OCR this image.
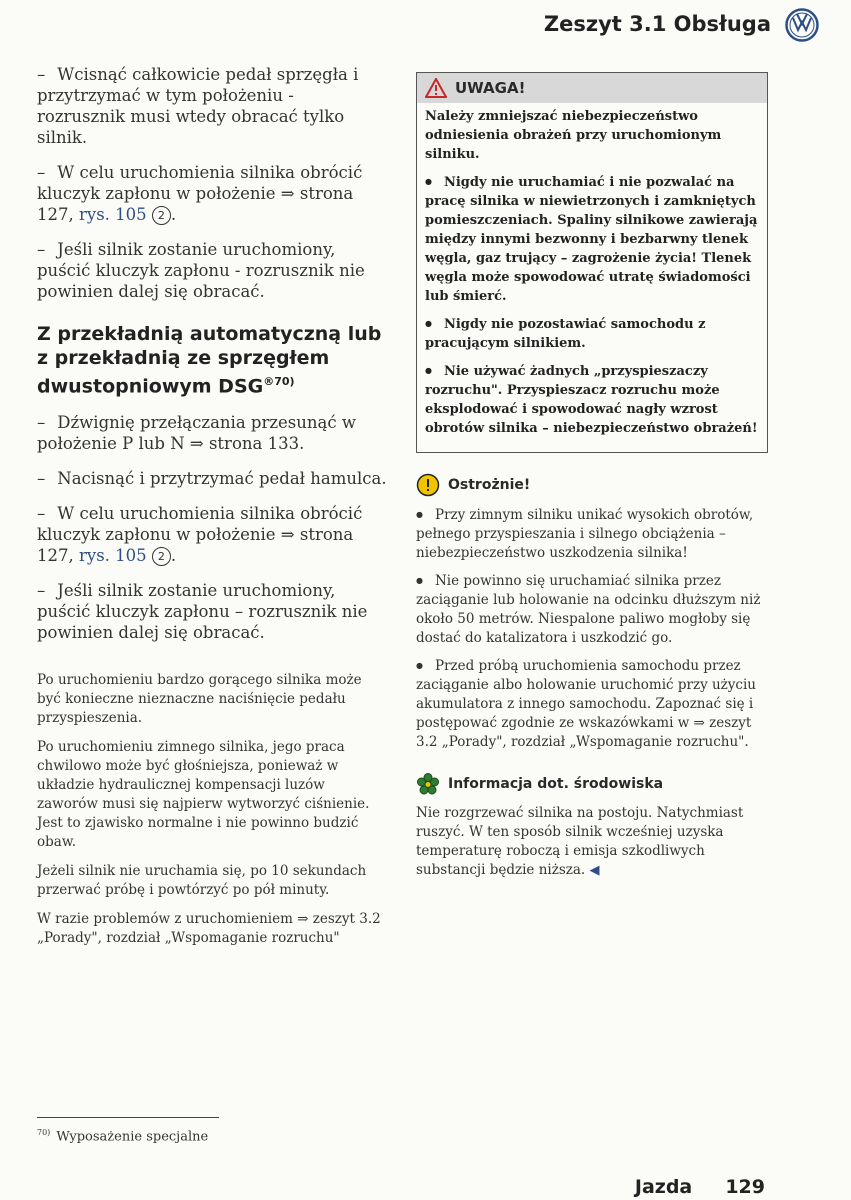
Zeszyt 3.1 Obsługa

– Wcisnąć całkowicie pedał sprzęgła i przytrzymać w tym położeniu - rozrusznik musi wtedy obracać tylko silnik.

– W celu uruchomienia silnika obrócić kluczyk zapłonu w położenie ⇒ strona 127, rys. 105 2 .

– Jeśli silnik zostanie uruchomiony, puścić kluczyk zapłonu - rozrusznik nie powinien dalej się obracać.

Z przekładnią automatyczną lub z przekładnią ze sprzęgłem dwustopniowym $DSG^{®70)}$

– Dźwignię przełączania przesunąć w położenie P lub N ⇒ strona 133.

– Nacisnąć i przytrzymać pedał hamulca.

– W celu uruchomienia silnika obrócić kluczyk zapłonu w położenie ⇒ strona 127, rys. 105 2 .

– Jeśli silnik zostanie uruchomiony, puścić kluczyk zapłonu – rozrusznik nie powinien dalej się obracać.

Po uruchomieniu bardzo gorącego silnika może być konieczne nieznaczne naciśnięcie pedału przyspieszenia.

Po uruchomieniu zimnego silnika, jego praca chwilowo może być głośniejsza, ponieważ w układzie hydraulicznej kompensacji luzów zaworów musi się najpierw wytworzyć ciśnienie. Jest to zjawisko normalne i nie powinno budzić obaw.

Jeżeli silnik nie uruchamia się, po 10 sekundach przerwać próbę i powtórzyć po pół minuty.

W razie problemów z uruchomieniem ⇒ zeszyt 3.2 „Porady", rozdział „Wspomaganie rozruchu"

UWAGA!

Należy zmniejszać niebezpieczeństwo odniesienia obrażeń przy uruchomionym silniku.

● Nigdy nie uruchamiać i nie pozwalać na pracę silnika w niewietrzonych i zamkniętych pomieszczeniach. Spaliny silnikowe zawierają między innymi bezwonny i bezbarwny tlenek węgla, gaz trujący – zagrożenie życia! Tlenek węgla może spowodować utratę świadomości lub śmierć.

● Nigdy nie pozostawiać samochodu z pracującym silnikiem.

● Nie używać żadnych „przyspieszaczy rozruchu". Przyspieszacz rozruchu może eksplodować i spowodować nagły wzrost obrotów silnika – niebezpieczeństwo obrażeń!

Ostrożnie!

● Przy zimnym silniku unikać wysokich obrotów, pełnego przyspieszania i silnego obciążenia – niebezpieczeństwo uszkodzenia silnika!

● Nie powinno się uruchamiać silnika przez zaciąganie lub holowanie na odcinku dłuższym niż około 50 metrów. Niespalone paliwo mogłoby się dostać do katalizatora i uszkodzić go.

● Przed próbą uruchomienia samochodu przez zaciąganie albo holowanie uruchomić przy użyciu akumulatora z innego samochodu. Zapoznać się i postępować zgodnie ze wskazówkami w ⇒ zeszyt 3.2 „Porady", rozdział „Wspomaganie rozruchu".

Informacja dot. środowiska

Nie rozgrzewać silnika na postoju. Natychmiast ruszyć. W ten sposób silnik wcześniej uzyska temperaturę roboczą i emisja szkodliwych substancji będzie niższa. ◀

$^{70)}$ Wyposażenie specjalne
Jazda 129
